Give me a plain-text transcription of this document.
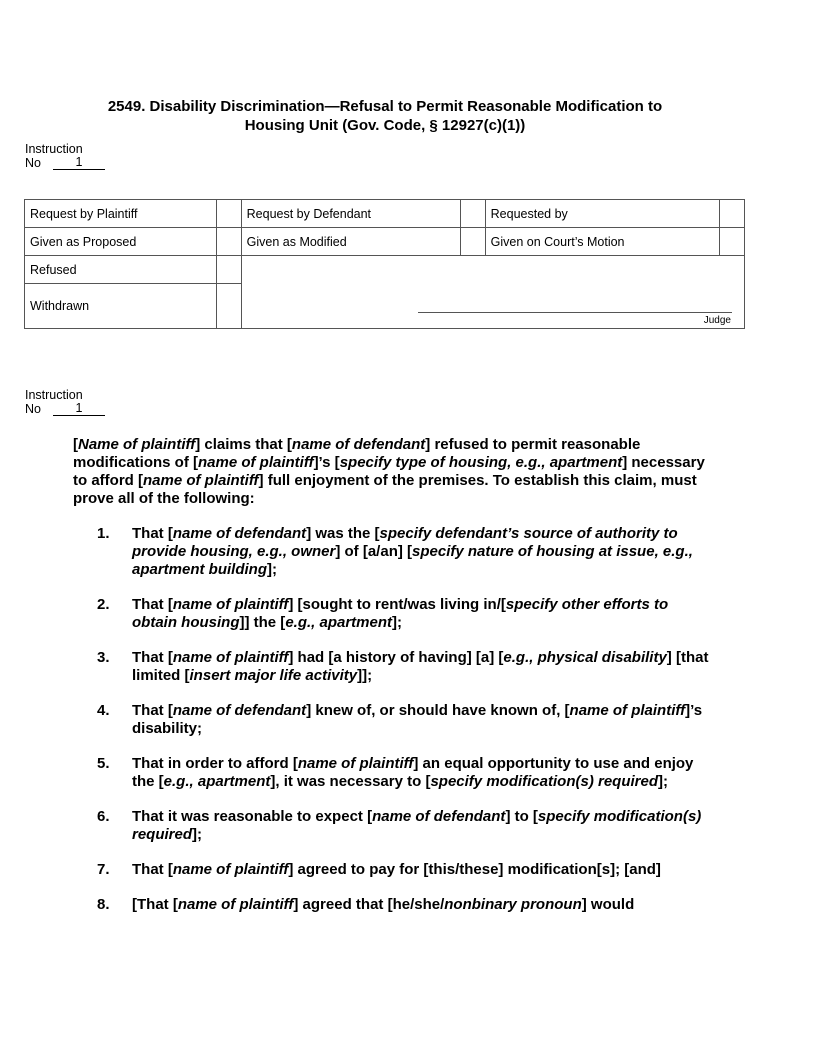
2549. Disability Discrimination—Refusal to Permit Reasonable Modification to
Housing Unit (Gov. Code, § 12927(c)(1))
Instruction
No	1
Request by Plaintiff		Request by Defendant		Requested by	
Given as Proposed		Given as Modified		Given on Court’s Motion	
Refused		Judge			

Withdrawn					
Instruction
No	1
[Name of plaintiff] claims that [name of defendant] refused to permit reasonable modifications of [name of plaintiff]’s [specify type of housing, e.g., apartment] necessary to afford [name of plaintiff] full enjoyment of the premises. To establish this claim, must prove all of the following:
1.	That [name of defendant] was the [specify defendant’s source of authority to provide housing, e.g., owner] of [a/an] [specify nature of housing at issue, e.g., apartment building];
2.	That [name of plaintiff] [sought to rent/was living in/[specify other efforts to obtain housing]] the [e.g., apartment];
3.	That [name of plaintiff] had [a history of having] [a] [e.g., physical disability] [that limited [insert major life activity]];
4.	That [name of defendant] knew of, or should have known of, [name of plaintiff]’s disability;
5.	That in order to afford [name of plaintiff] an equal opportunity to use and enjoy the [e.g., apartment], it was necessary to [specify modification(s) required];
6.	That it was reasonable to expect [name of defendant] to [specify modification(s) required];
7.	That [name of plaintiff] agreed to pay for [this/these] modification[s]; [and]
8.	[That [name of plaintiff] agreed that [he/she/nonbinary pronoun] would
